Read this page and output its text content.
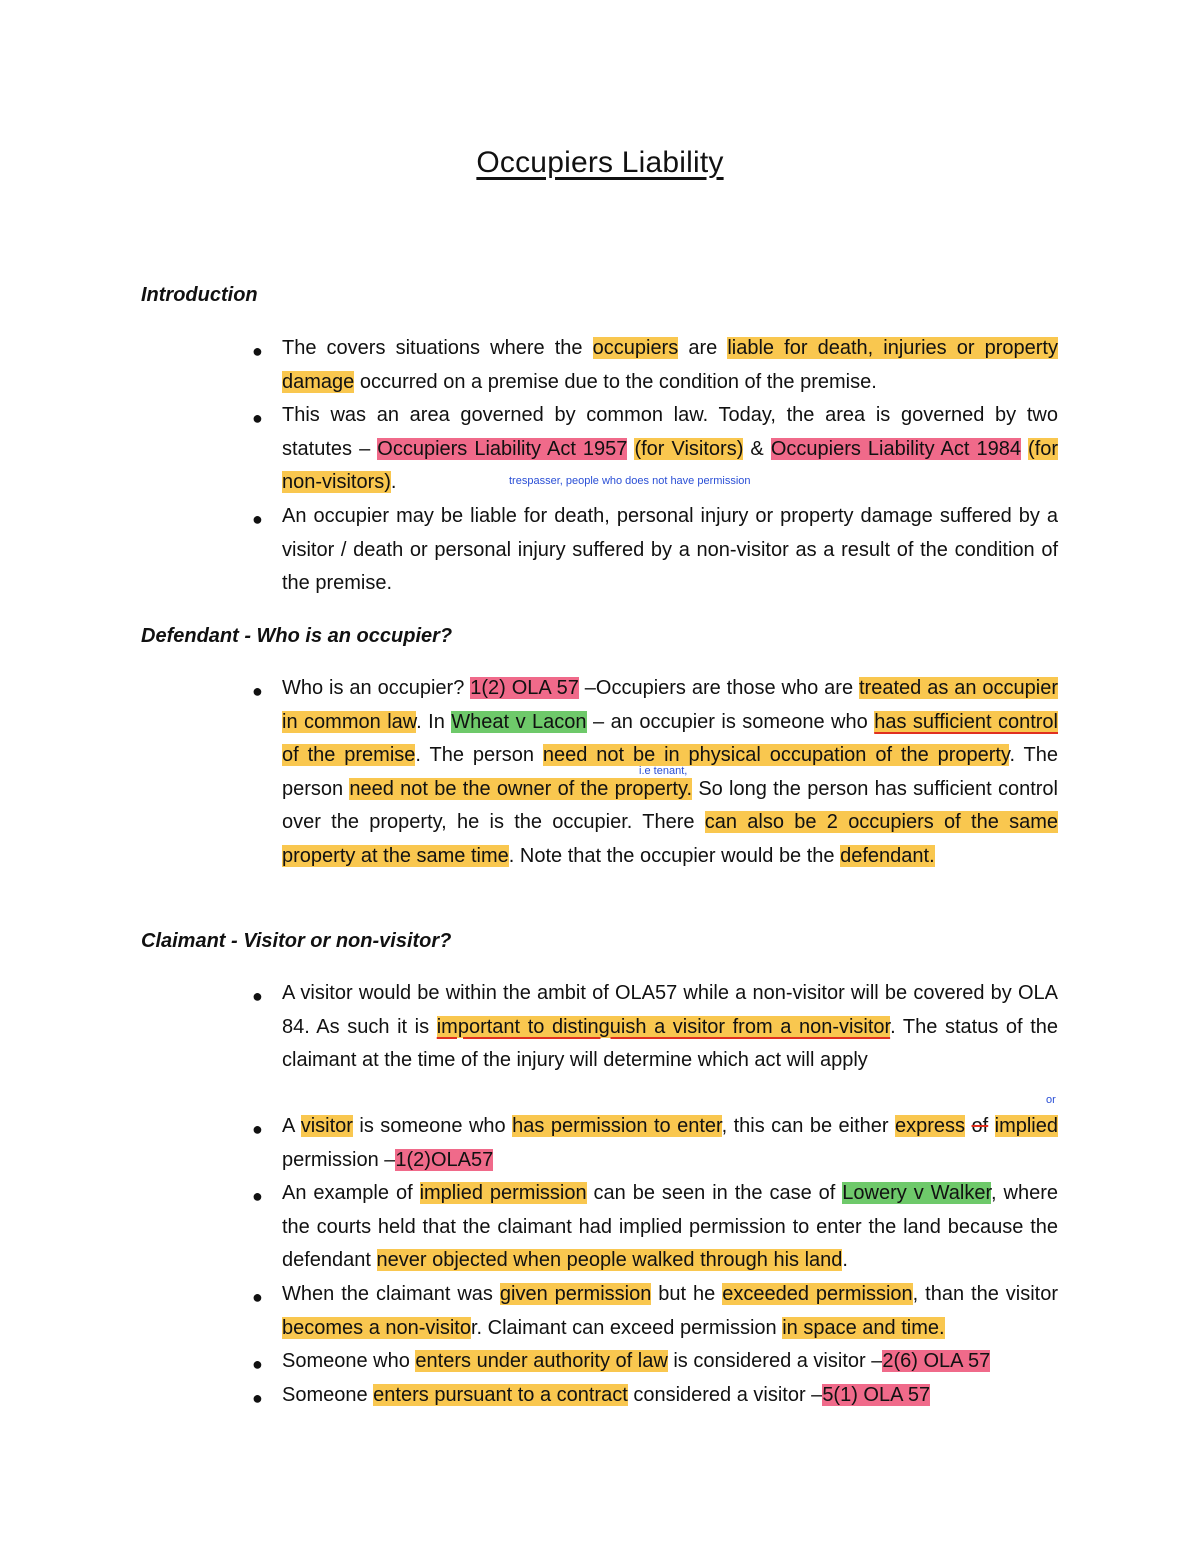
Occupiers Liability
Introduction
● The covers situations where the occupiers are liable for death, injuries or property damage occurred on a premise due to the condition of the premise.
● This was an area governed by common law. Today, the area is governed by two statutes – Occupiers Liability Act 1957 (for Visitors) & Occupiers Liability Act 1984 (for non-visitors).	trespasser, people who does not have permission
● An occupier may be liable for death, personal injury or property damage suffered by a visitor / death or personal injury suffered by a non-visitor as a result of the condition of the premise.
Defendant - Who is an occupier?
● Who is an occupier? 1(2) OLA 57 –Occupiers are those who are treated as an occupier in common law. In Wheat v Lacon – an occupier is someone who has sufficient control of the premise. The person need not be in physical occupation of the property. The person need not be the owner of the property. So long the person has sufficient control over the property, he is the occupier. There can also be 2 occupiers of the same property at the same time. Note that the occupier would be the defendant.
i.e tenant,
Claimant - Visitor or non-visitor?
● A visitor would be within the ambit of OLA57 while a non-visitor will be covered by OLA 84. As such it is important to distinguish a visitor from a non-visitor. The status of the claimant at the time of the injury will determine which act will apply
or
● A visitor is someone who has permission to enter, this can be either express of implied permission –1(2)OLA57
● An example of implied permission can be seen in the case of Lowery v Walker, where the courts held that the claimant had implied permission to enter the land because the defendant never objected when people walked through his land.
● When the claimant was given permission but he exceeded permission, than the visitor becomes a non-visitor. Claimant can exceed permission in space and time.
● Someone who enters under authority of law is considered a visitor –2(6) OLA 57
● Someone enters pursuant to a contract considered a visitor –5(1) OLA 57
